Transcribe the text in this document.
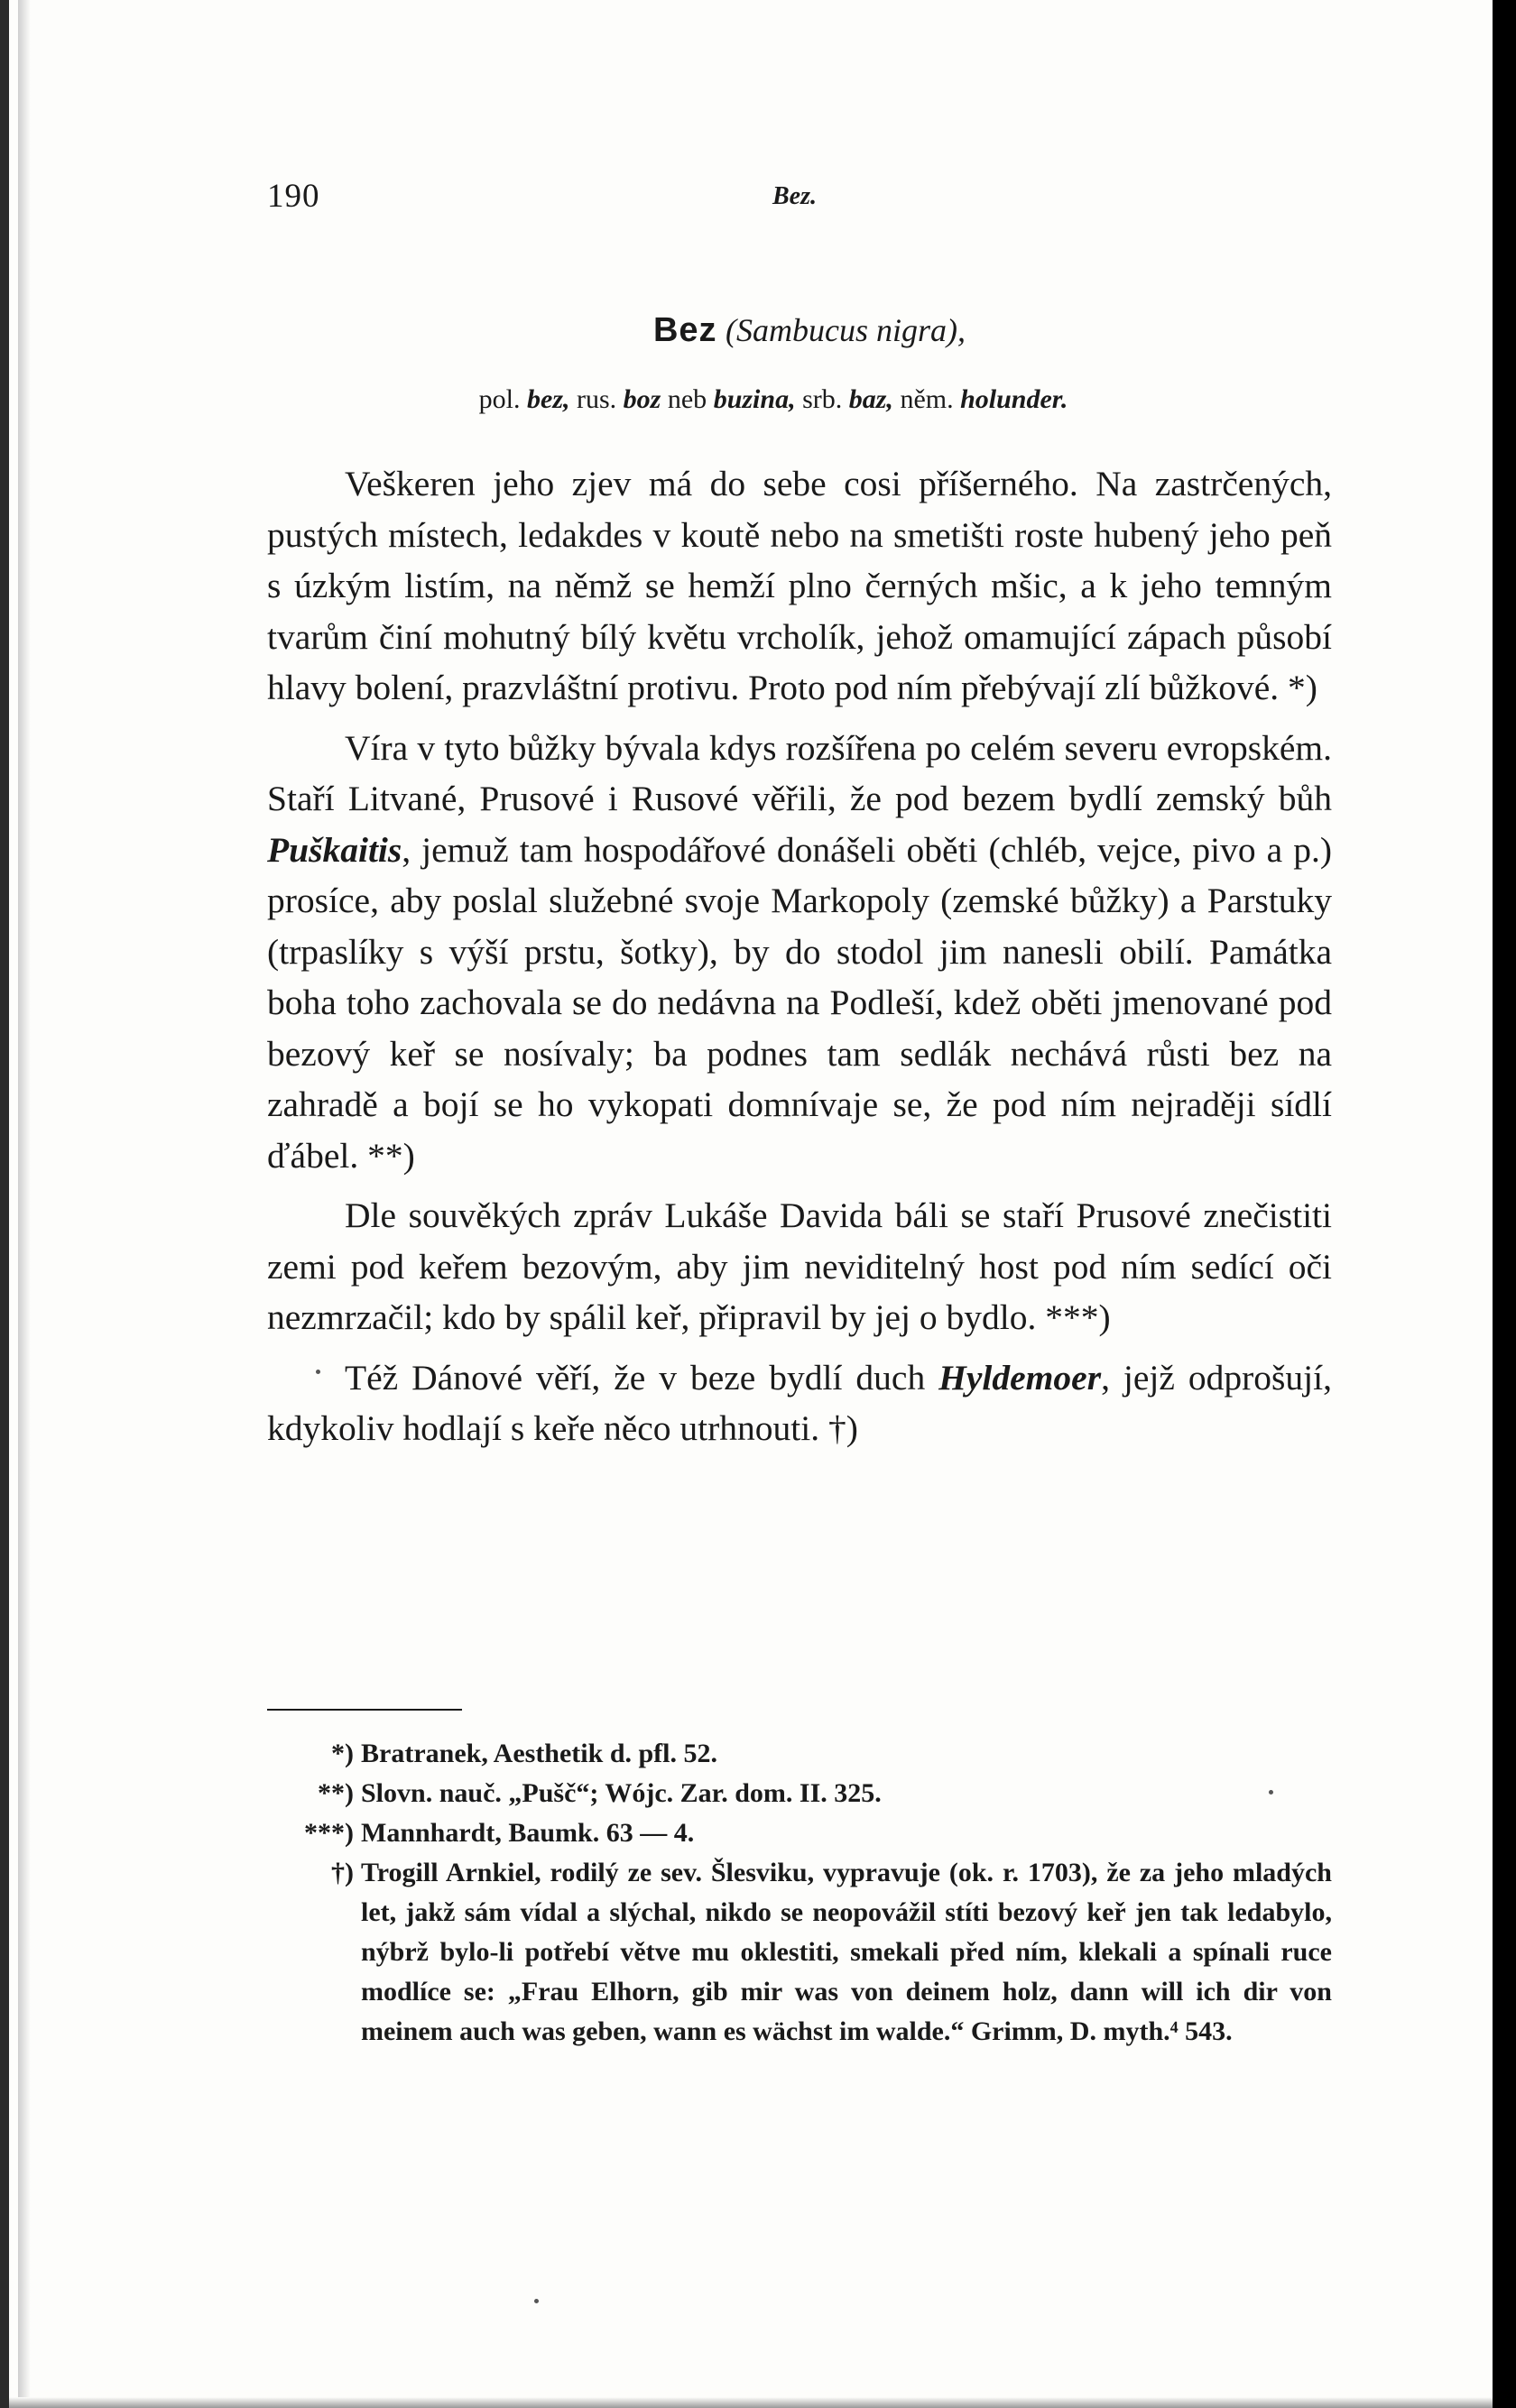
190	Bez.
Bez (Sambucus nigra),
pol. bez, rus. boz neb buzina, srb. baz, něm. holunder.

Veškeren jeho zjev má do sebe cosi příšerného. Na zastrčených, pustých místech, ledakdes v koutě nebo na smetišti roste hubený jeho peň s úzkým listím, na němž se hemží plno černých mšic, a k jeho temným tvarům činí mohutný bílý květu vrcholík, jehož omamující zápach působí hlavy bolení, prazvláštní protivu. Proto pod ním přebývají zlí bůžkové. *)

Víra v tyto bůžky bývala kdys rozšířena po celém severu evropském. Staří Litvané, Prusové i Rusové věřili, že pod bezem bydlí zemský bůh Puškaitis, jemuž tam hospodářové donášeli oběti (chléb, vejce, pivo a p.) prosíce, aby poslal služebné svoje Markopoly (zemské bůžky) a Parstuky (trpaslíky s výší prstu, šotky), by do stodol jim nanesli obilí. Památka boha toho zachovala se do nedávna na Podleší, kdež oběti jmenované pod bezový keř se nosívaly; ba podnes tam sedlák nechává růsti bez na zahradě a bojí se ho vykopati domnívaje se, že pod ním nejraději sídlí ďábel. **)

Dle souvěkých zpráv Lukáše Davida báli se staří Prusové znečistiti zemi pod keřem bezovým, aby jim neviditelný host pod ním sedící oči nezmrzačil; kdo by spálil keř, připravil by jej o bydlo. ***)

Též Dánové věří, že v beze bydlí duch Hyldemoer, jejž odprošují, kdykoliv hodlají s keře něco utrhnouti. †)

*) Bratranek, Aesthetik d. pfl. 52.
**) Slovn. nauč. „Pušč“; Wójc. Zar. dom. II. 325.
***) Mannhardt, Baumk. 63 — 4.
†) Trogill Arnkiel, rodilý ze sev. Šlesviku, vypravuje (ok. r. 1703), že za jeho mladých let, jakž sám vídal a slýchal, nikdo se neopovážil stíti bezový keř jen tak ledabylo, nýbrž bylo-li potřebí větve mu oklestiti, smekali před ním, klekali a spínali ruce modlíce se: „Frau Elhorn, gib mir was von deinem holz, dann will ich dir von meinem auch was geben, wann es wächst im walde.“ Grimm, D. myth.⁴ 543.
